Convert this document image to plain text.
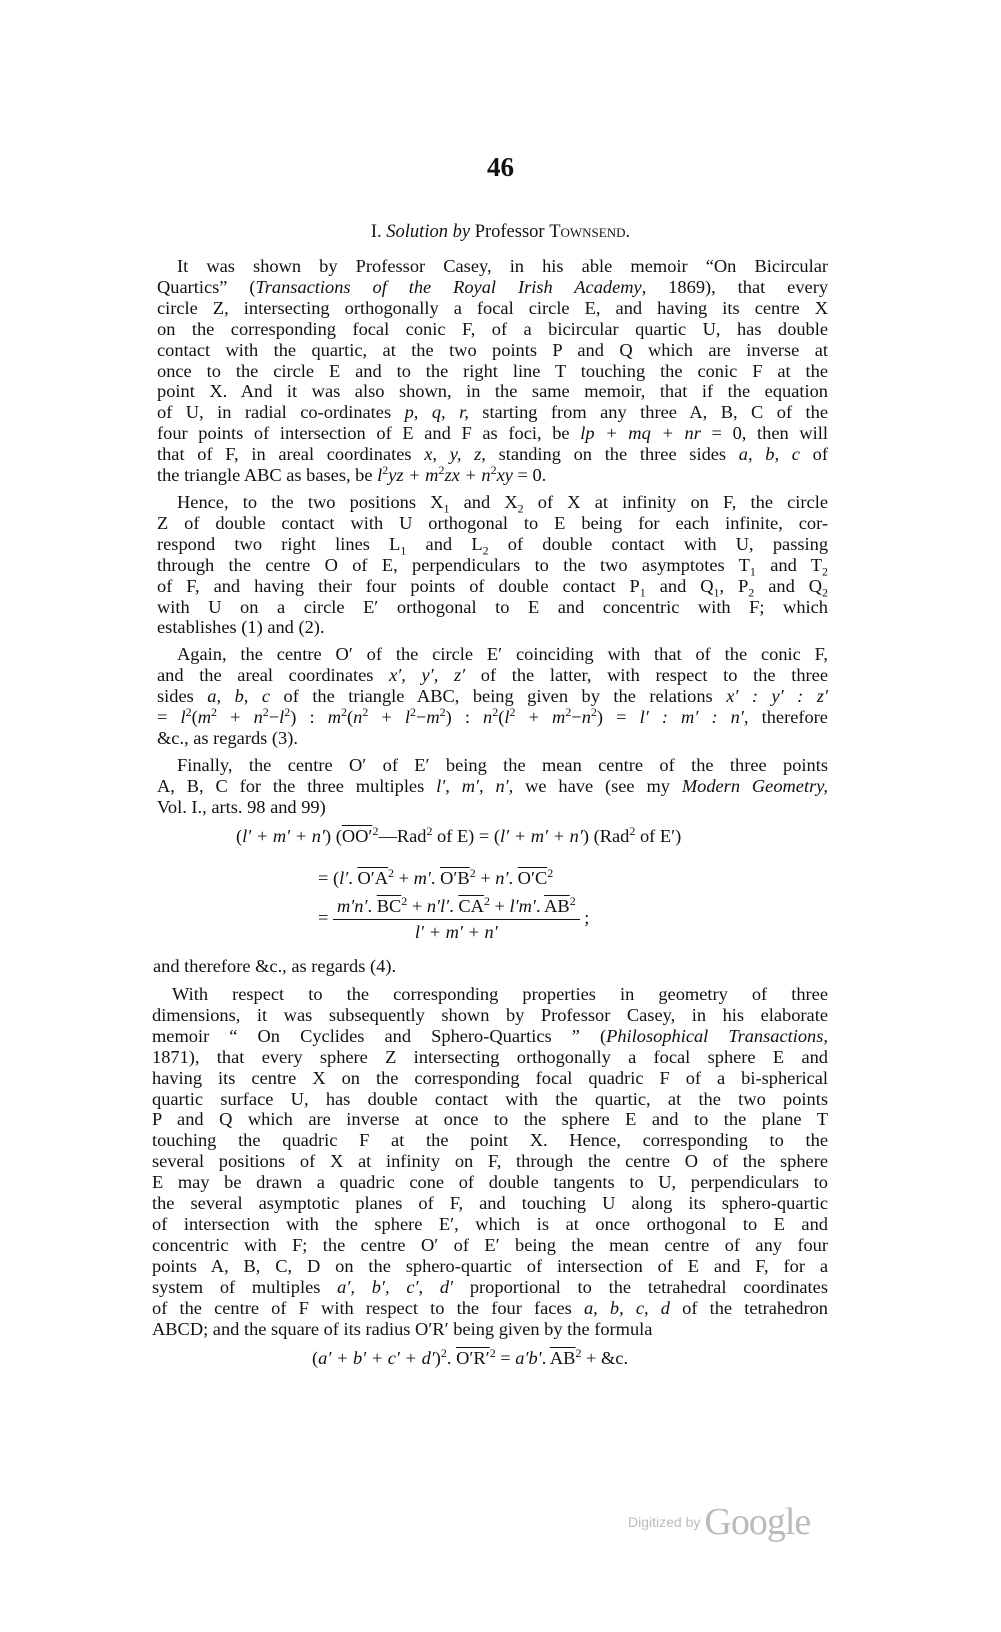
46
I. Solution by Professor Townsend.
It was shown by Professor Casey, in his able memoir “On Bicircular
Quartics” (Transactions of the Royal Irish Academy, 1869), that every
circle Z, intersecting orthogonally a focal circle E, and having its centre X
on the corresponding focal conic F, of a bicircular quartic U, has double
contact with the quartic, at the two points P and Q which are inverse at
once to the circle E and to the right line T touching the conic F at the
point X. And it was also shown, in the same memoir, that if the equation
of U, in radial co-ordinates p, q, r, starting from any three A, B, C of the
four points of intersection of E and F as foci, be lp + mq + nr = 0, then will
that of F, in areal coordinates x, y, z, standing on the three sides a, b, c of
the triangle ABC as bases, be $l^2yz + m^2zx + n^2xy = 0$.
Hence, to the two positions $X_1$ and $X_2$ of X at infinity on F, the circle
Z of double contact with U orthogonal to E being for each infinite, cor-
respond two right lines $L_1$ and $L_2$ of double contact with U, passing
through the centre O of E, perpendiculars to the two asymptotes $T_1$ and $T_2$
of F, and having their four points of double contact $P_1$ and $Q_1$, $P_2$ and $Q_2$
with U on a circle E′ orthogonal to E and concentric with F; which
establishes (1) and (2).
Again, the centre O′ of the circle E′ coinciding with that of the conic F,
and the areal coordinates x′, y′, z′ of the latter, with respect to the three
sides a, b, c of the triangle ABC, being given by the relations x′ : y′ : z′
= $l^2(m^2 + n^2-l^2)$ : $m^2(n^2 + l^2-m^2)$ : $n^2(l^2 + m^2-n^2) = l'$ : m′ : n′, therefore
&c., as regards (3).
Finally, the centre O′ of E′ being the mean centre of the three points
A, B, C for the three multiples l′, m′, n′, we have (see my Modern Geometry,
Vol. I., arts. 98 and 99)
(l′ + m′ + n′) ($OO'^2—Rad^2$ of E) = (l′ + m′ + n′) (Rad$^2$ of E′)
= (l′. $O'A^2 + m'$. $O'B^2 + n'$. $O'C^2$
= $\frac{m'n'. \overline{BC}^2 + n'l'. \overline{CA}^2 + l'm'. \overline{AB}^2}{l' + m' + n'}$ ;
and therefore &c., as regards (4).
With respect to the corresponding properties in geometry of three
dimensions, it was subsequently shown by Professor Casey, in his elaborate
memoir “ On Cyclides and Sphero-Quartics ” (Philosophical Transactions,
1871), that every sphere Z intersecting orthogonally a focal sphere E and
having its centre X on the corresponding focal quadric F of a bi-spherical
quartic surface U, has double contact with the quartic, at the two points
P and Q which are inverse at once to the sphere E and to the plane T
touching the quadric F at the point X. Hence, corresponding to the
several positions of X at infinity on F, through the centre O of the sphere
E may be drawn a quadric cone of double tangents to U, perpendiculars to
the several asymptotic planes of F, and touching U along its sphero-quartic
of intersection with the sphere E′, which is at once orthogonal to E and
concentric with F; the centre O′ of E′ being the mean centre of any four
points A, B, C, D on the sphero-quartic of intersection of E and F, for a
system of multiples a′, b′, c′, d′ proportional to the tetrahedral coordinates
of the centre of F with respect to the four faces a, b, c, d of the tetrahedron
ABCD; and the square of its radius O′R′ being given by the formula
$(a' + b' + c' + d')^2$. $O'R'^2 = a'b'$. $\overline{AB}^2$ + &c.
Digitized by Google
